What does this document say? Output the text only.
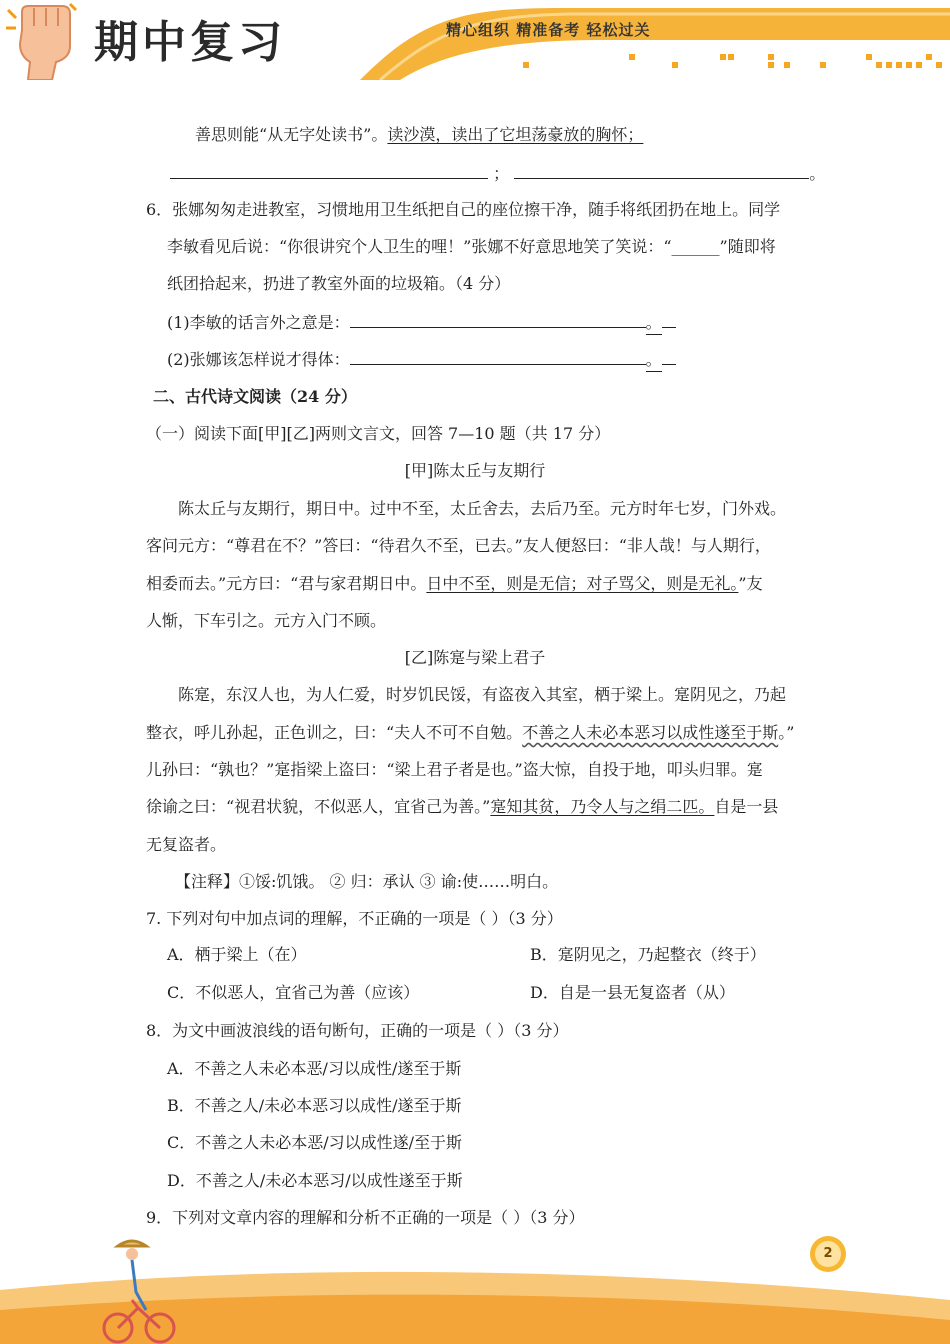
期中复习	精心组织 精准备考 轻松过关
善思则能“从无字处读书”。读沙漠，读出了它坦荡豪放的胸怀；
；	。
6．张娜匆匆走进教室，习惯地用卫生纸把自己的座位擦干净，随手将纸团扔在地上。同学
李敏看见后说：“你很讲究个人卫生的哩！”张娜不好意思地笑了笑说：“______”随即将
纸团拾起来，扔进了教室外面的垃圾箱。（4 分）
(1)李敏的话言外之意是：	。
(2)张娜该怎样说才得体：	。
二、古代诗文阅读（24 分）
（一）阅读下面[甲][乙]两则文言文，回答 7—10 题（共 17 分）
[甲]陈太丘与友期行
陈太丘与友期行，期日中。过中不至，太丘舍去，去后乃至。元方时年七岁，门外戏。
客问元方：“尊君在不？”答曰：“待君久不至，已去。”友人便怒曰：“非人哉！与人期行，
相委而去。”元方曰：“君与家君期日中。日中不至，则是无信；对子骂父，则是无礼。”友
人惭，下车引之。元方入门不顾。
[乙]陈寔与梁上君子
陈寔，东汉人也，为人仁爱，时岁饥民馁，有盗夜入其室，栖于梁上。寔阴见之，乃起
整衣，呼儿孙起，正色训之，曰：“夫人不可不自勉。不善之人未必本恶习以成性遂至于斯。”
儿孙曰：“孰也？”寔指梁上盗曰：“梁上君子者是也。”盗大惊，自投于地，叩头归罪。寔
徐谕之曰：“视君状貌，不似恶人，宜省己为善。”寔知其贫，乃令人与之绢二匹。自是一县
无复盗者。
【注释】①馁:饥饿。 ② 归：承认 ③ 谕:使……明白。
7. 下列对句中加点词的理解，不正确的一项是（ ）（3 分）
A．栖于梁上（在）	B．寔阴见之，乃起整衣（终于）
C．不似恶人，宜省己为善（应该）	D．自是一县无复盗者（从）
8．为文中画波浪线的语句断句，正确的一项是（ ）（3 分）
A．不善之人未必本恶/习以成性/遂至于斯
B．不善之人/未必本恶习以成性/遂至于斯
C．不善之人未必本恶/习以成性遂/至于斯
D．不善之人/未必本恶习/以成性遂至于斯
9．下列对文章内容的理解和分析不正确的一项是（ ）（3 分）
2
